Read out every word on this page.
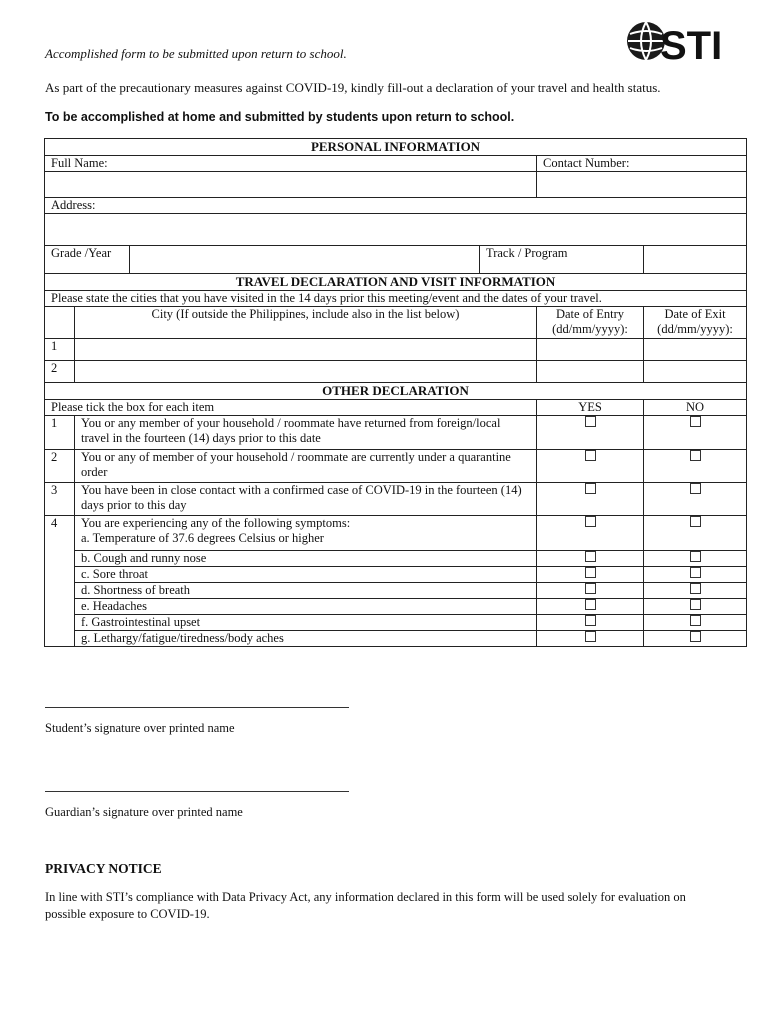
STI
Accomplished form to be submitted upon return to school.
As part of the precautionary measures against COVID-19, kindly fill-out a declaration of your travel and health status.
To be accomplished at home and submitted by students upon return to school.
PERSONAL INFORMATION					
Full Name:				Contact Number:	

Address:					

Grade /Year			Track / Program		
TRAVEL DECLARATION AND VISIT INFORMATION					
Please state the cities that you have visited in the 14 days prior this meeting/event and the dates of your travel.					
	City (If outside the Philippines, include also in the list below)			Date of Entry (dd/mm/yyyy):	Date of Exit (dd/mm/yyyy):
1					
2					
OTHER DECLARATION					
Please tick the box for each item				YES	NO
1	You or any member of your household / roommate have returned from foreign/local travel in the fourteen (14) days prior to this date				
2	You or any of member of your household / roommate are currently under a quarantine order				
3	You have been in close contact with a confirmed case of COVID-19 in the fourteen (14) days prior to this day				
4	You are experiencing any of the following symptoms:
a. Temperature of 37.6 degrees Celsius or higher				

	b. Cough and runny nose				
	c. Sore throat				
	d. Shortness of breath				
	e. Headaches				
	f. Gastrointestinal upset				
	g. Lethargy/fatigue/tiredness/body aches				
Student’s signature over printed name
Guardian’s signature over printed name
PRIVACY NOTICE
In line with STI’s compliance with Data Privacy Act, any information declared in this form will be used solely for evaluation on possible exposure to COVID-19.
